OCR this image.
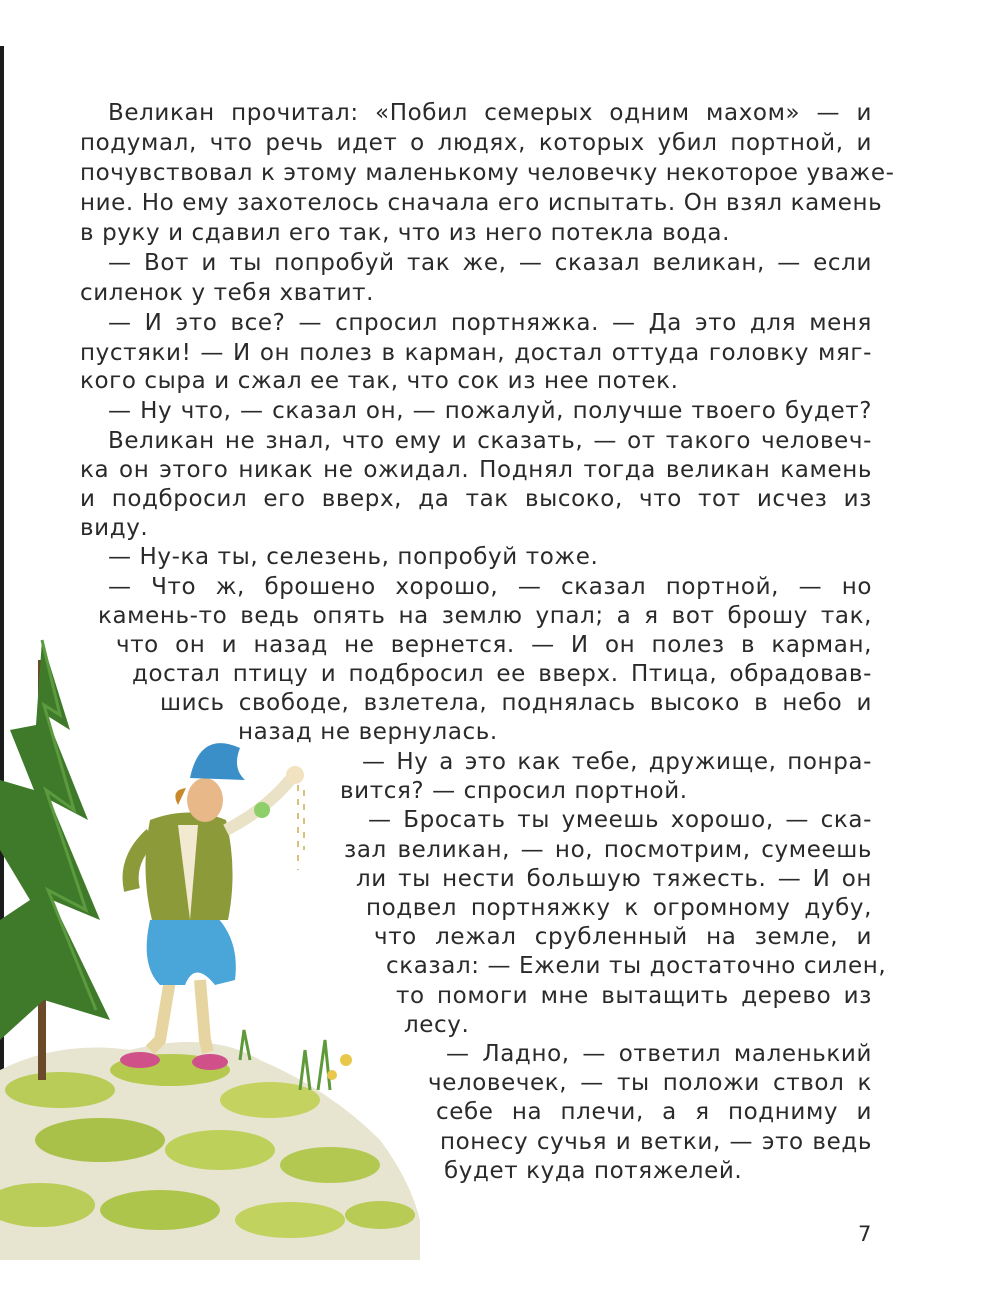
Великан прочитал: «Побил семерых одним махом» — и
подумал, что речь идет о людях, которых убил портной, и
почувствовал к этому маленькому человечку некоторое уваже-
ние. Но ему захотелось сначала его испытать. Он взял камень
в руку и сдавил его так, что из него потекла вода.
— Вот и ты попробуй так же, — сказал великан, — если
силенок у тебя хватит.
— И это все? — спросил портняжка. — Да это для меня
пустяки! — И он полез в карман, достал оттуда головку мяг-
кого сыра и сжал ее так, что сок из нее потек.
— Ну что, — сказал он, — пожалуй, получше твоего будет?
Великан не знал, что ему и сказать, — от такого человеч-
ка он этого никак не ожидал. Поднял тогда великан камень
и подбросил его вверх, да так высоко, что тот исчез из
виду.
— Ну-ка ты, селезень, попробуй тоже.
— Что ж, брошено хорошо, — сказал портной, — но
камень-то ведь опять на землю упал; а я вот брошу так,
что он и назад не вернется. — И он полез в карман,
достал птицу и подбросил ее вверх. Птица, обрадовав-
шись свободе, взлетела, поднялась высоко в небо и
назад не вернулась.
— Ну а это как тебе, дружище, понра-
вится? — спросил портной.
— Бросать ты умеешь хорошо, — ска-
зал великан, — но, посмотрим, сумеешь
ли ты нести большую тяжесть. — И он
подвел портняжку к огромному дубу,
что лежал срубленный на земле, и
сказал: — Ежели ты достаточно силен,
то помоги мне вытащить дерево из
лесу.
— Ладно, — ответил маленький
человечек, — ты положи ствол к
себе на плечи, а я подниму и
понесу сучья и ветки, — это ведь
будет куда потяжелей.
7
